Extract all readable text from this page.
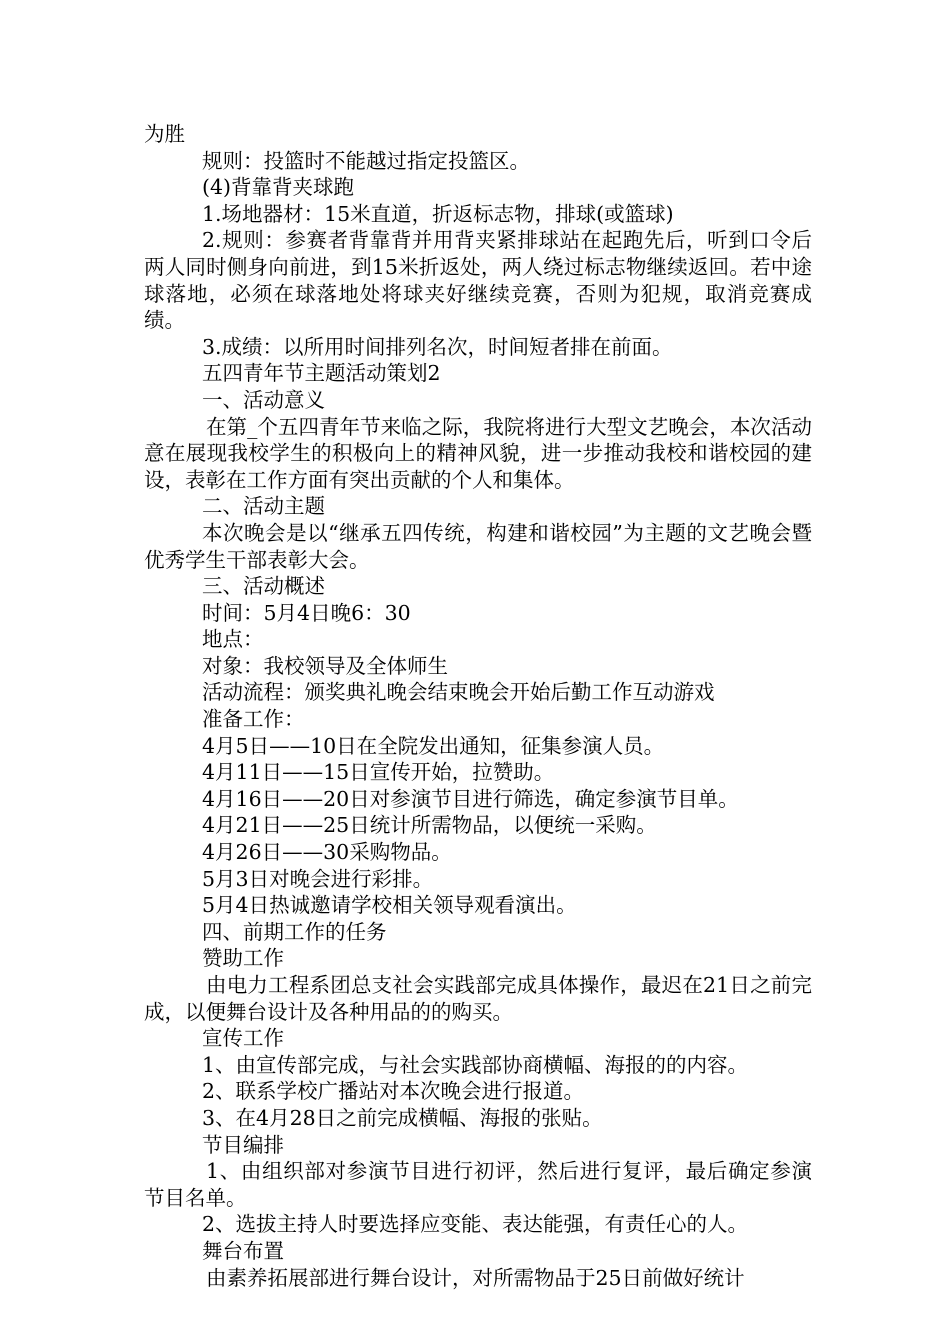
为胜

规则：投篮时不能越过指定投篮区。

(4)背靠背夹球跑

1.场地器材：15米直道，折返标志物，排球(或篮球)

2.规则：参赛者背靠背并用背夹紧排球站在起跑先后，听到口令后两人同时侧身向前进，到15米折返处，两人绕过标志物继续返回。若中途球落地，必须在球落地处将球夹好继续竞赛，否则为犯规，取消竞赛成绩。

3.成绩：以所用时间排列名次，时间短者排在前面。

五四青年节主题活动策划2

一、活动意义

在第_个五四青年节来临之际，我院将进行大型文艺晚会，本次活动意在展现我校学生的积极向上的精神风貌，进一步推动我校和谐校园的建设，表彰在工作方面有突出贡献的个人和集体。

二、活动主题

本次晚会是以“继承五四传统，构建和谐校园”为主题的文艺晚会暨优秀学生干部表彰大会。

三、活动概述

时间：5月4日晚6：30

地点：

对象：我校领导及全体师生

活动流程：颁奖典礼晚会结束晚会开始后勤工作互动游戏

准备工作：

4月5日——10日在全院发出通知，征集参演人员。

4月11日——15日宣传开始，拉赞助。

4月16日——20日对参演节目进行筛选，确定参演节目单。

4月21日——25日统计所需物品，以便统一采购。

4月26日——30采购物品。

5月3日对晚会进行彩排。

5月4日热诚邀请学校相关领导观看演出。

四、前期工作的任务

赞助工作

由电力工程系团总支社会实践部完成具体操作，最迟在21日之前完成，以便舞台设计及各种用品的的购买。

宣传工作

1、由宣传部完成，与社会实践部协商横幅、海报的的内容。

2、联系学校广播站对本次晚会进行报道。

3、在4月28日之前完成横幅、海报的张贴。

节目编排

1、由组织部对参演节目进行初评，然后进行复评，最后确定参演节目名单。

2、选拔主持人时要选择应变能、表达能强，有责任心的人。

舞台布置

由素养拓展部进行舞台设计，对所需物品于25日前做好统计
